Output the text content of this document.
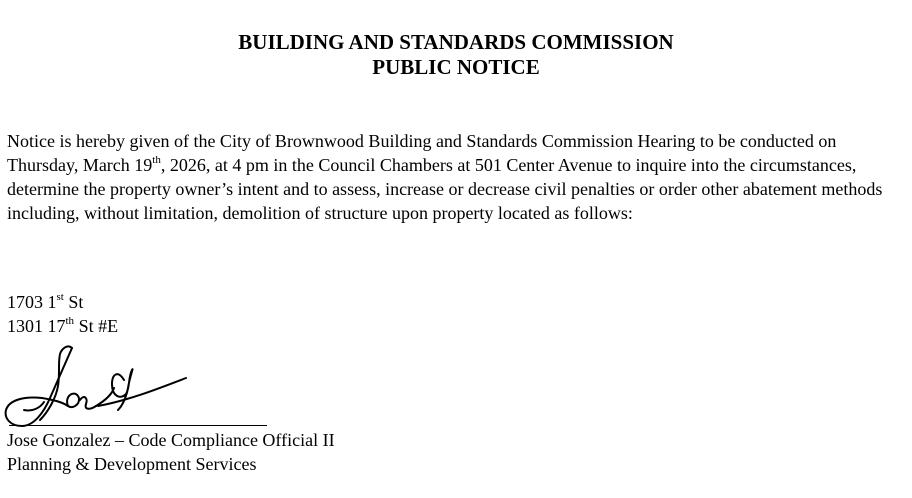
BUILDING AND STANDARDS COMMISSION
PUBLIC NOTICE
Notice is hereby given of the City of Brownwood Building and Standards Commission Hearing to be conducted on Thursday, March 19th, 2026, at 4 pm in the Council Chambers at 501 Center Avenue to inquire into the circumstances, determine the property owner’s intent and to assess, increase or decrease civil penalties or order other abatement methods including, without limitation, demolition of structure upon property located as follows:
1703 1st St
1301 17th St #E
Jose Gonzalez – Code Compliance Official II
Planning & Development Services
